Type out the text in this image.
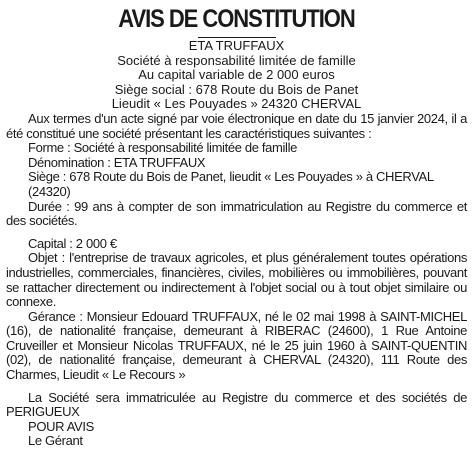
AVIS DE CONSTITUTION
ETA TRUFFAUX
Société à responsabilité limitée de famille
Au capital variable de 2 000 euros
Siège social : 678 Route du Bois de Panet
Lieudit « Les Pouyades » 24320 CHERVAL

Aux termes d'un acte signé par voie électronique en date du 15 janvier 2024, il a été constitué une société présentant les caractéristiques suivantes :

Forme : Société à responsabilité limitée de famille

Dénomination : ETA TRUFFAUX

Siège : 678 Route du Bois de Panet, lieudit « Les Pouyades » à CHERVAL (24320)

Durée : 99 ans à compter de son immatriculation au Registre du commerce et des sociétés.

Capital : 2 000 €

Objet : l'entreprise de travaux agricoles, et plus généralement toutes opérations industrielles, commerciales, financières, civiles, mobilières ou immobilières, pouvant se rattacher directement ou indirectement à l'objet social ou à tout objet similaire ou connexe.

Gérance : Monsieur Edouard TRUFFAUX, né le 02 mai 1998 à SAINT-MICHEL (16), de nationalité française, demeurant à RIBERAC (24600), 1 Rue Antoine Cruveiller et Monsieur Nicolas TRUFFAUX, né le 25 juin 1960 à SAINT-QUENTIN (02), de nationalité française, demeurant à CHERVAL (24320), 111 Route des Charmes, Lieudit « Le Recours »

La Société sera immatriculée au Registre du commerce et des sociétés de PERIGUEUX

POUR AVIS
Le Gérant
